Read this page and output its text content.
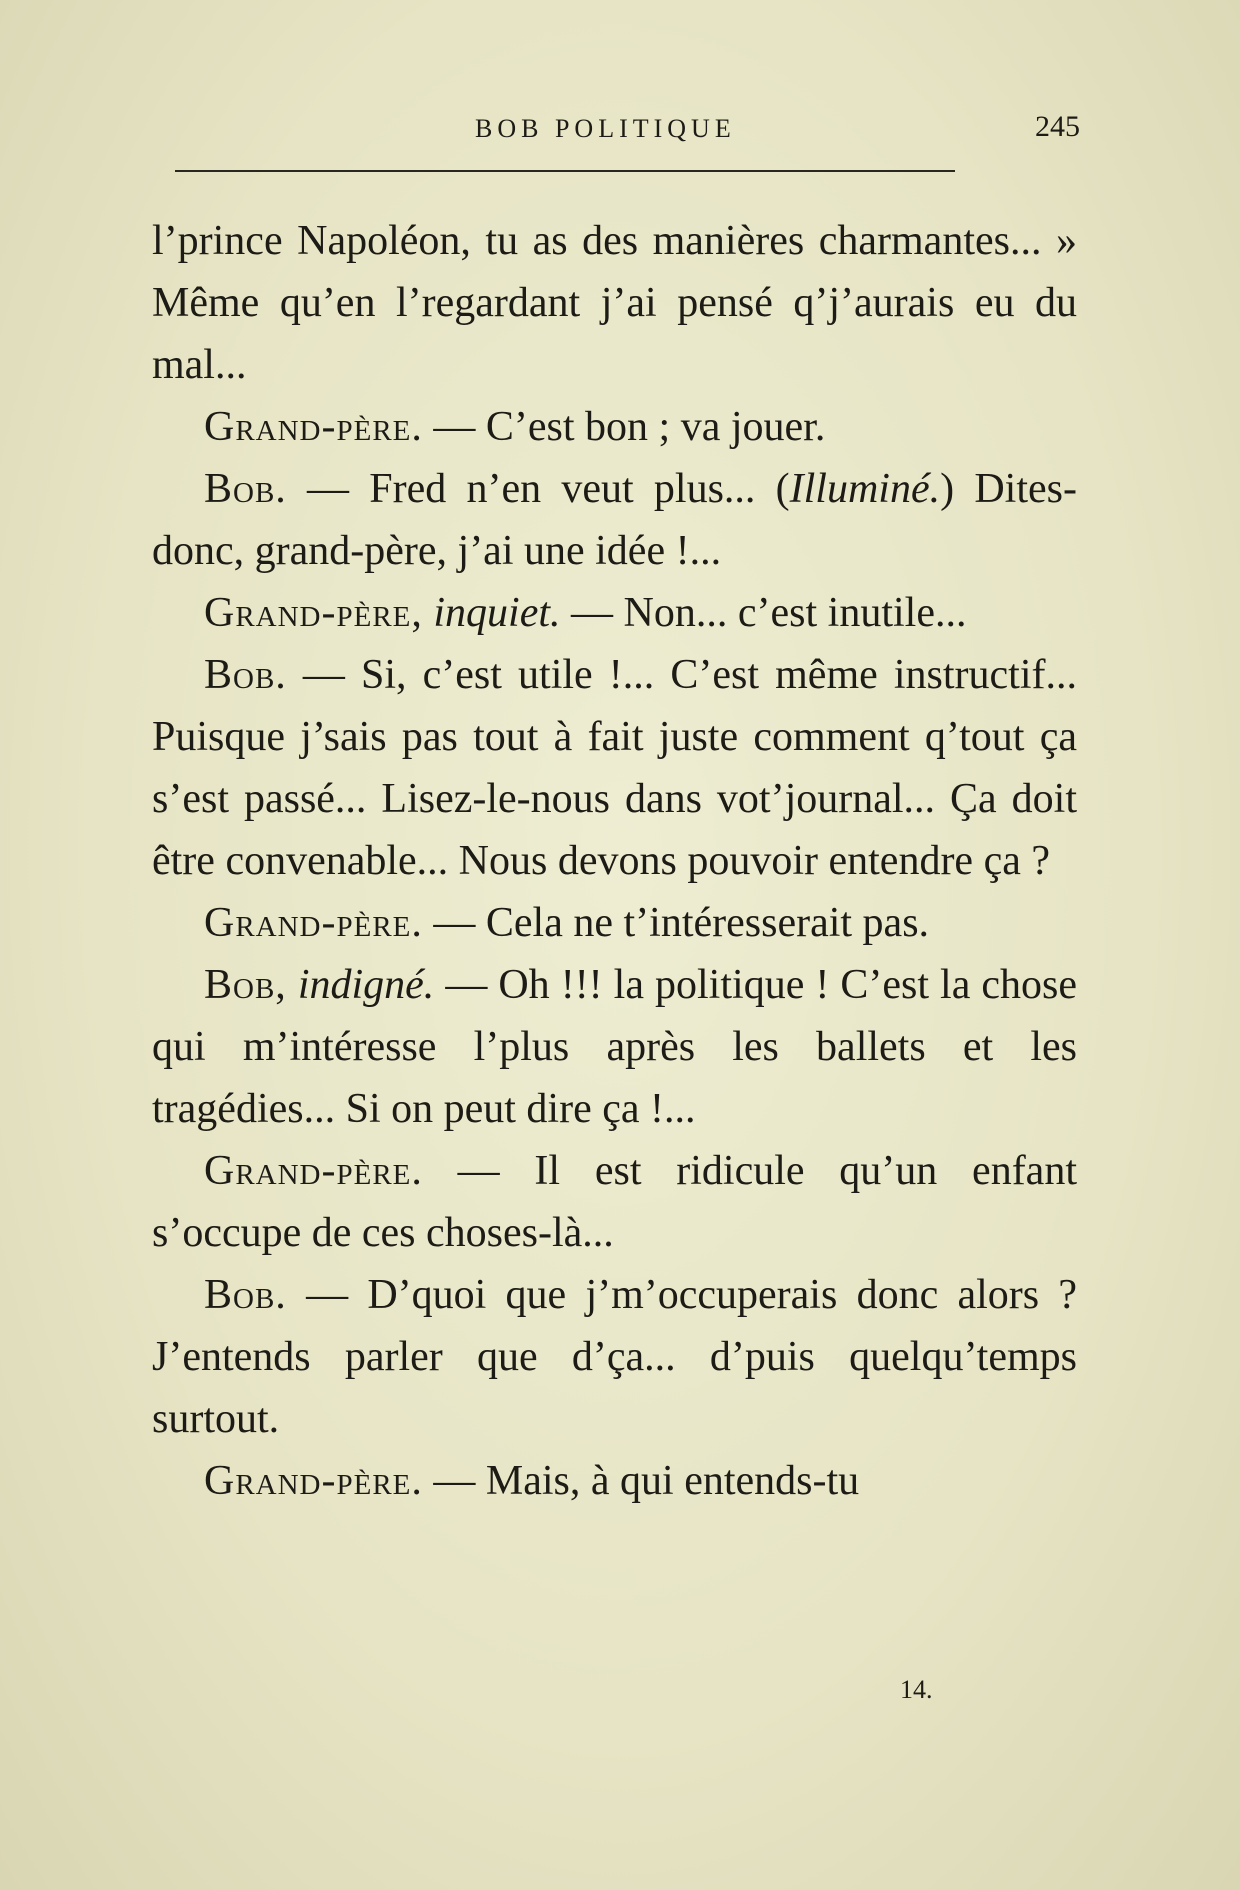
BOB POLITIQUE	245

l’prince Napoléon, tu as des manières charmantes... » Même qu’en l’regardant j’ai pensé q’j’aurais eu du mal...

Grand-père. — C’est bon ; va jouer.

Bob. — Fred n’en veut plus... (Illuminé.) Dites-donc, grand-père, j’ai une idée !...

Grand-père, inquiet. — Non... c’est inutile...

Bob. — Si, c’est utile !... C’est même instructif... Puisque j’sais pas tout à fait juste comment q’tout ça s’est passé... Lisez-le-nous dans vot’journal... Ça doit être convenable... Nous devons pouvoir entendre ça ?

Grand-père. — Cela ne t’intéresserait pas.

Bob, indigné. — Oh !!! la politique ! C’est la chose qui m’intéresse l’plus après les ballets et les tragédies... Si on peut dire ça !...

Grand-père. — Il est ridicule qu’un enfant s’occupe de ces choses-là...

Bob. — D’quoi que j’m’occuperais donc alors ? J’entends parler que d’ça... d’puis quelqu’temps surtout.

Grand-père. — Mais, à qui entends-tu

14.
